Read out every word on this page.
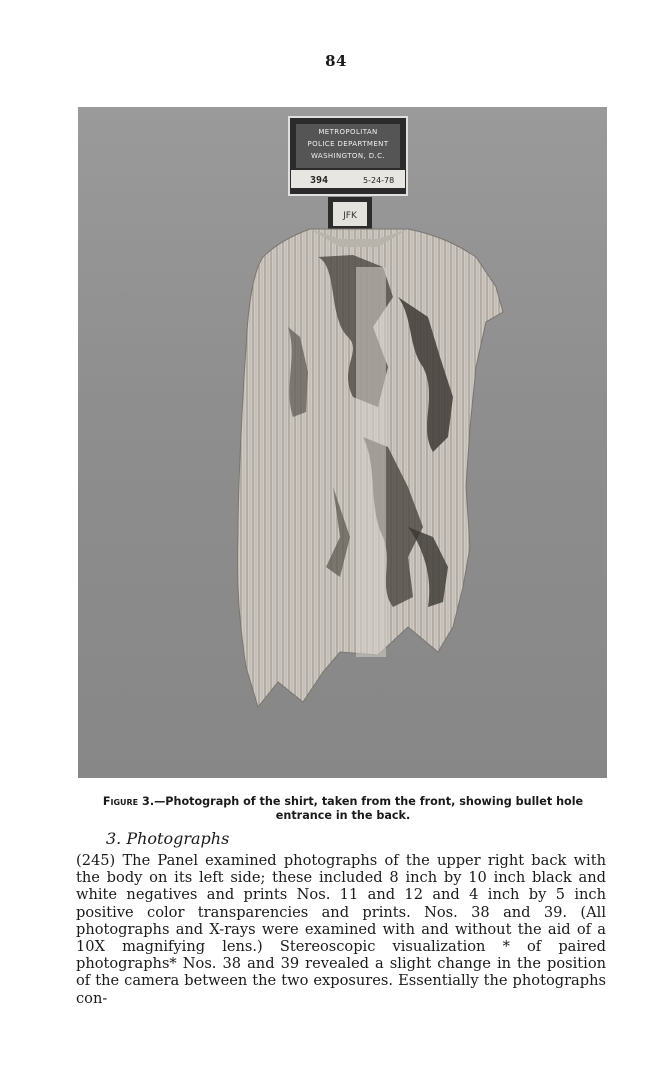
84
METROPOLITAN
POLICE DEPARTMENT
WASHINGTON, D.C.
394	5-24-78
JFK
Figure 3.—Photograph of the shirt, taken from the front, showing bullet hole entrance in the back.
3. Photographs

(245) The Panel examined photographs of the upper right back with the body on its left side; these included 8 inch by 10 inch black and white negatives and prints Nos. 11 and 12 and 4 inch by 5 inch positive color transparencies and prints. Nos. 38 and 39. (All photographs and X-rays were examined with and without the aid of a 10X magnifying lens.) Stereoscopic visualization * of paired photographs* Nos. 38 and 39 revealed a slight change in the position of the camera between the two exposures. Essentially the photographs con-
